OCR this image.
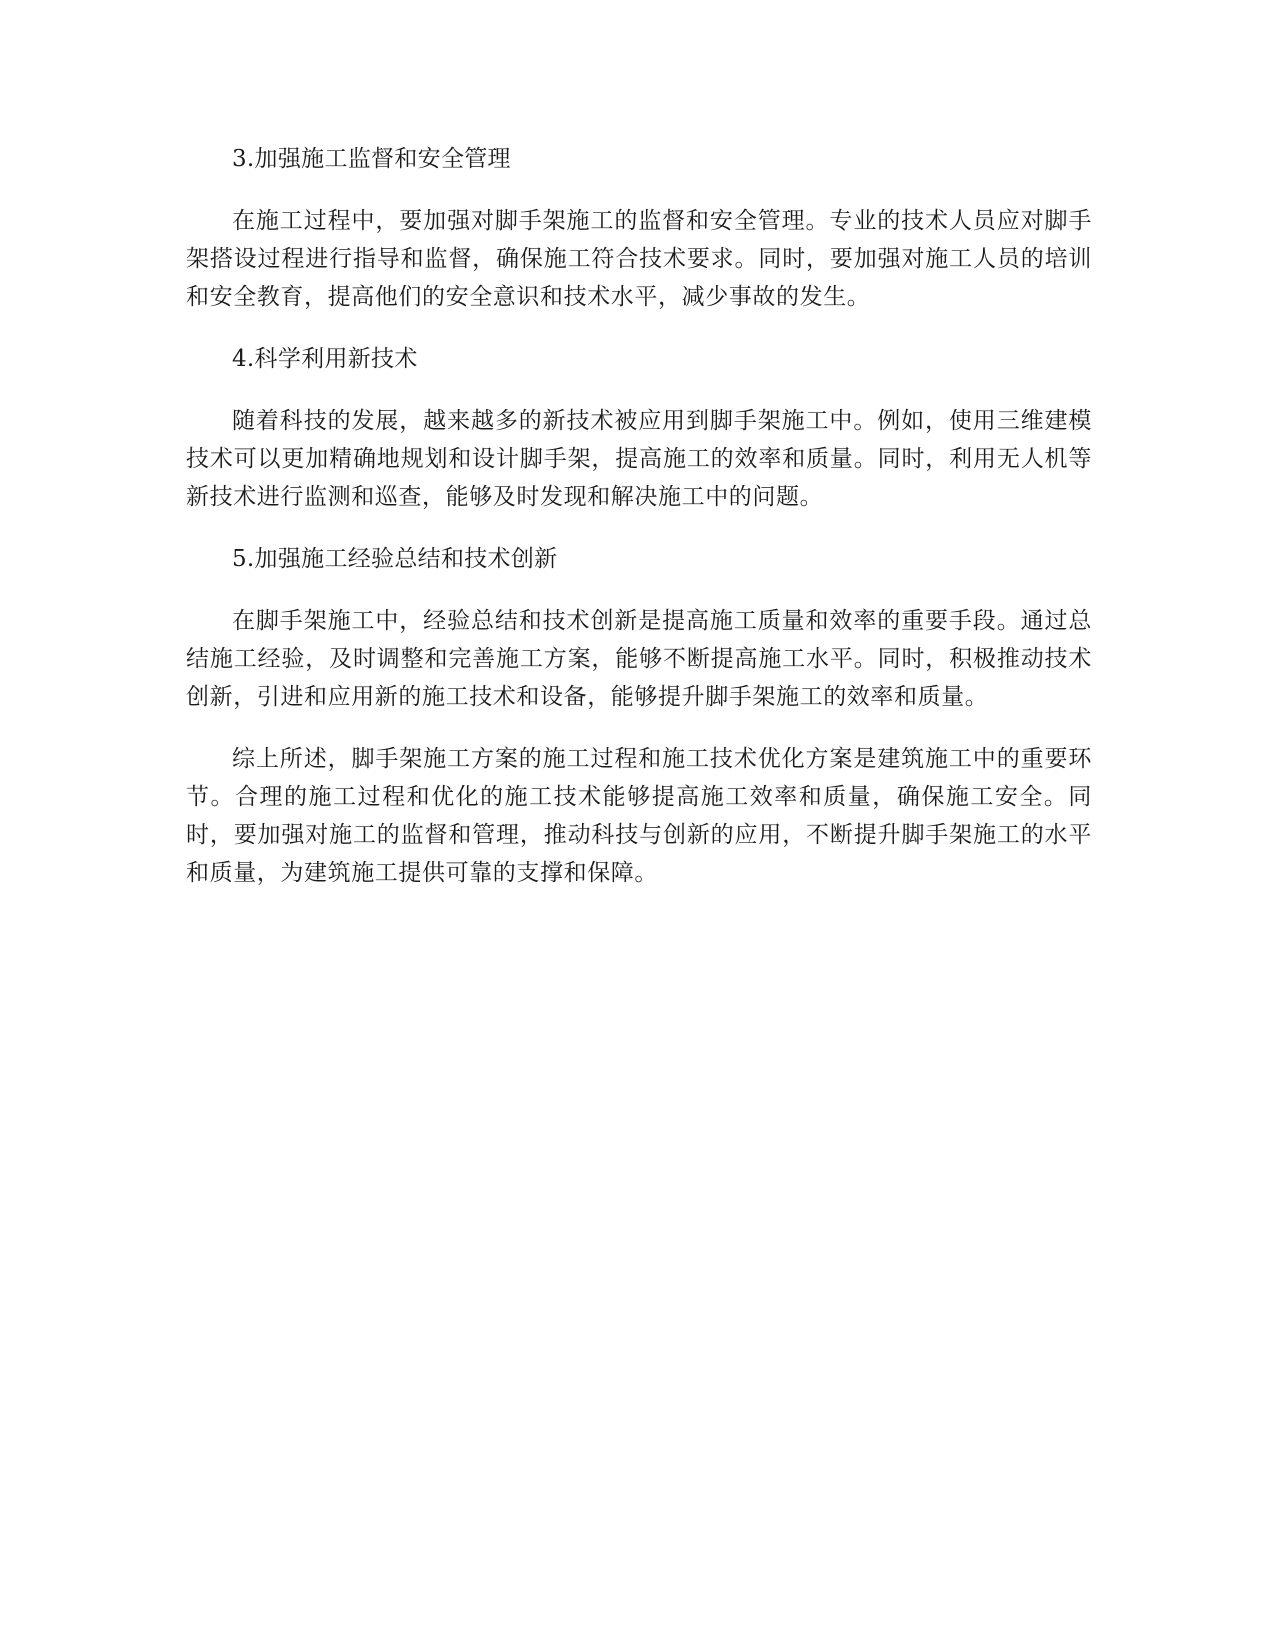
3.加强施工监督和安全管理

在施工过程中，要加强对脚手架施工的监督和安全管理。专业的技术人员应对脚手架搭设过程进行指导和监督，确保施工符合技术要求。同时，要加强对施工人员的培训和安全教育，提高他们的安全意识和技术水平，减少事故的发生。

4.科学利用新技术

随着科技的发展，越来越多的新技术被应用到脚手架施工中。例如，使用三维建模技术可以更加精确地规划和设计脚手架，提高施工的效率和质量。同时，利用无人机等新技术进行监测和巡查，能够及时发现和解决施工中的问题。

5.加强施工经验总结和技术创新

在脚手架施工中，经验总结和技术创新是提高施工质量和效率的重要手段。通过总结施工经验，及时调整和完善施工方案，能够不断提高施工水平。同时，积极推动技术创新，引进和应用新的施工技术和设备，能够提升脚手架施工的效率和质量。

综上所述，脚手架施工方案的施工过程和施工技术优化方案是建筑施工中的重要环节。合理的施工过程和优化的施工技术能够提高施工效率和质量，确保施工安全。同时，要加强对施工的监督和管理，推动科技与创新的应用，不断提升脚手架施工的水平和质量，为建筑施工提供可靠的支撑和保障。
